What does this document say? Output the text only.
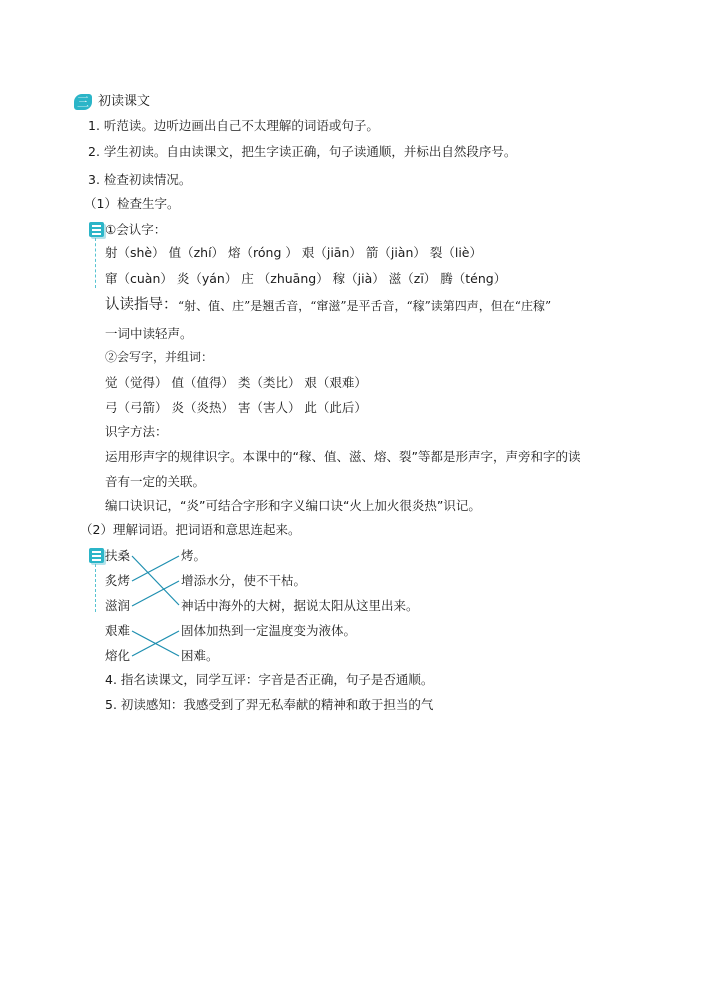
三 初读课文
1. 听范读。边听边画出自己不太理解的词语或句子。
2. 学生初读。自由读课文，把生字读正确，句子读通顺，并标出自然段序号。
3. 检查初读情况。
（1）检查生字。
①会认字：
射（shè） 值（zhí） 熔（róng ） 艰（jiān） 箭（jiàn） 裂（liè）
窜（cuàn） 炎（yán） 庄 （zhuāng） 稼（jià） 滋（zī） 腾（téng）
认读指导： “射、值、庄”是翘舌音，“窜滋”是平舌音，“稼”读第四声，但在“庄稼”
一词中读轻声。
②会写字，并组词：
觉（觉得） 值（值得） 类（类比） 艰（艰难）
弓（弓箭） 炎（炎热） 害（害人） 此（此后）
识字方法：
运用形声字的规律识字。本课中的“稼、值、滋、熔、裂”等都是形声字，声旁和字的读
音有一定的关联。
编口诀识记，“炎”可结合字形和字义编口诀“火上加火很炎热”识记。
（2）理解词语。把词语和意思连起来。
扶桑
炙烤
滋润
艰难
熔化
烤。
增添水分，使不干枯。
神话中海外的大树，据说太阳从这里出来。
固体加热到一定温度变为液体。
困难。
4. 指名读课文，同学互评：字音是否正确，句子是否通顺。
5. 初读感知：我感受到了羿无私奉献的精神和敢于担当的气
